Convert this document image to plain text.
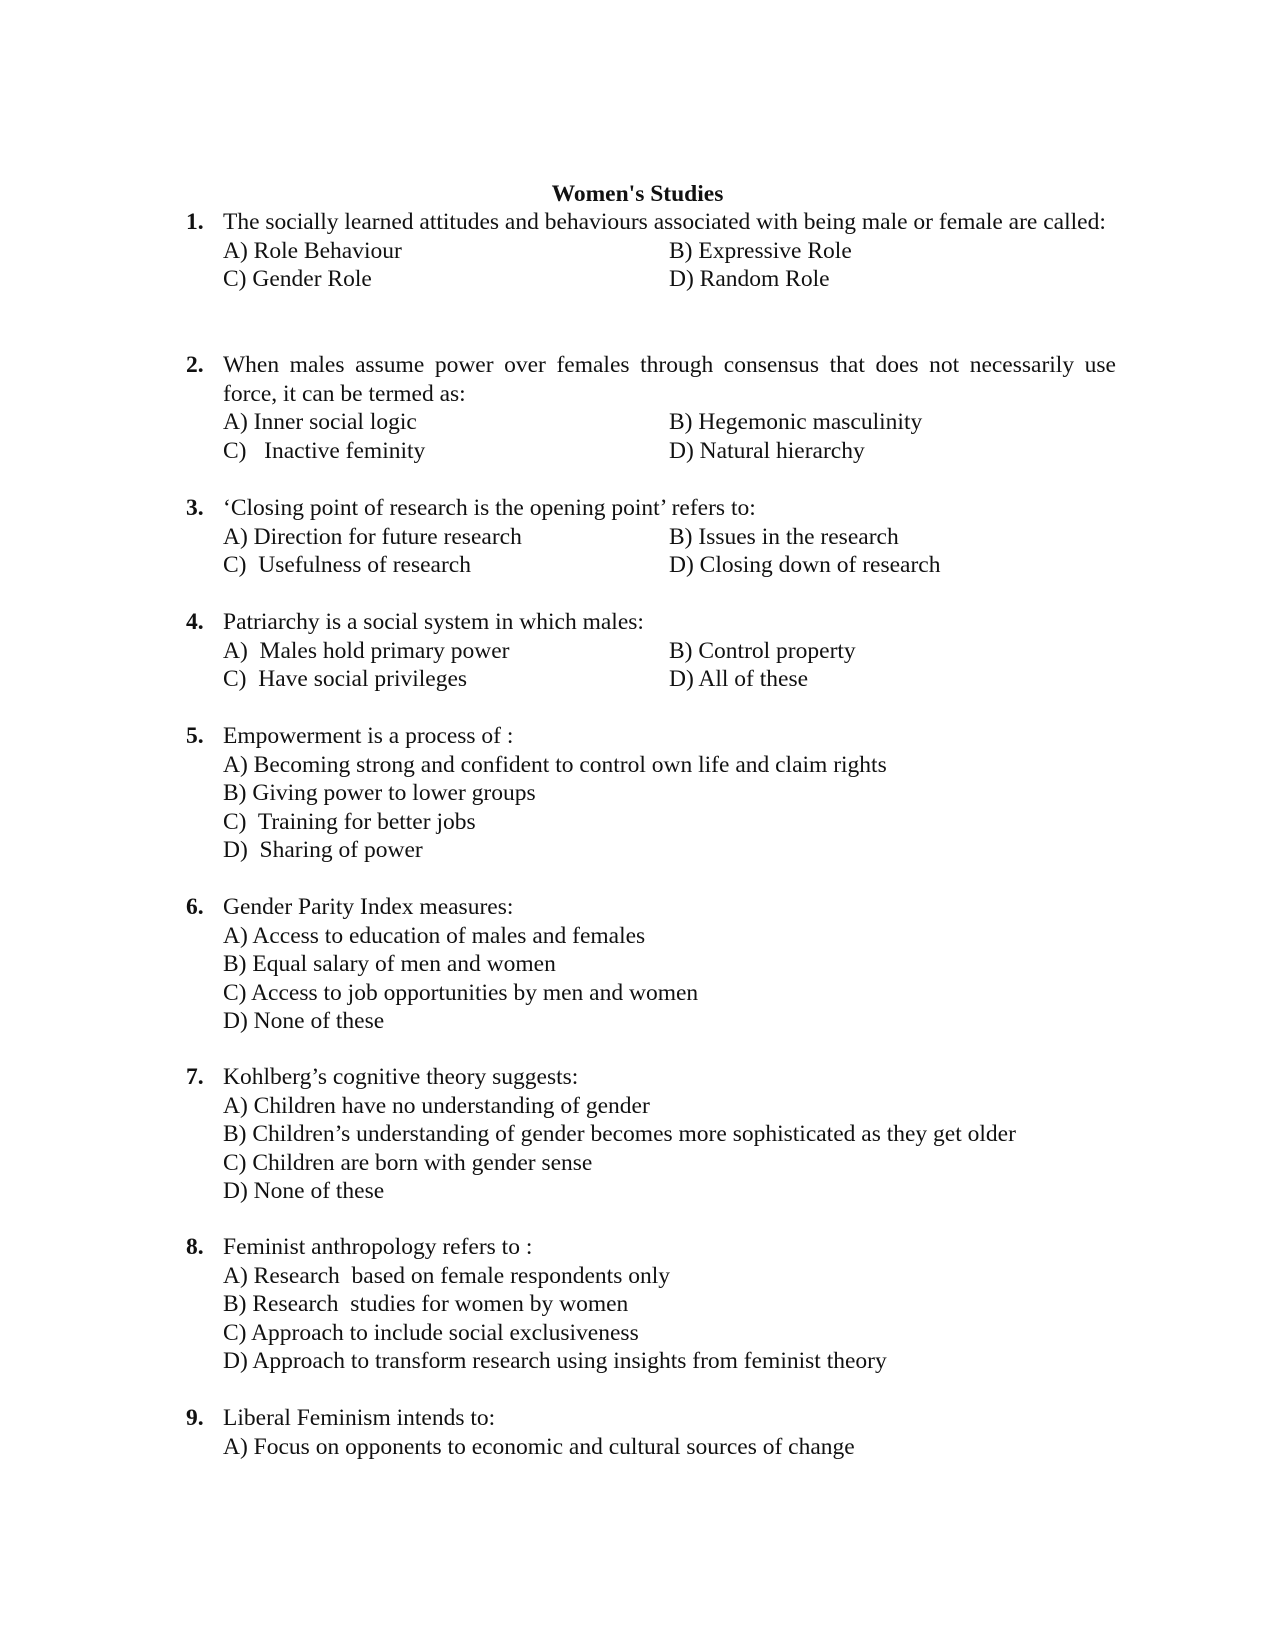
Women's Studies
1. The socially learned attitudes and behaviours associated with being male or female are called:
A) Role Behaviour	B) Expressive Role
C) Gender Role	D) Random Role
2. When males assume power over females through consensus that does not necessarily use force, it can be termed as:
A) Inner social logic	B) Hegemonic masculinity
C)   Inactive feminity	D) Natural hierarchy
3. ‘Closing point of research is the opening point’ refers to:
A) Direction for future research	B) Issues in the research
C)  Usefulness of research	D) Closing down of research
4. Patriarchy is a social system in which males:
A)  Males hold primary power	B) Control property
C)  Have social privileges	D) All of these
5. Empowerment is a process of :
A) Becoming strong and confident to control own life and claim rights
B) Giving power to lower groups
C)  Training for better jobs
D)  Sharing of power
6. Gender Parity Index measures:
A) Access to education of males and females
B) Equal salary of men and women
C) Access to job opportunities by men and women
D) None of these
7. Kohlberg’s cognitive theory suggests:
A) Children have no understanding of gender
B) Children’s understanding of gender becomes more sophisticated as they get older
C) Children are born with gender sense
D) None of these
8. Feminist anthropology refers to :
A) Research  based on female respondents only
B) Research  studies for women by women
C) Approach to include social exclusiveness
D) Approach to transform research using insights from feminist theory
9. Liberal Feminism intends to:
A) Focus on opponents to economic and cultural sources of change
